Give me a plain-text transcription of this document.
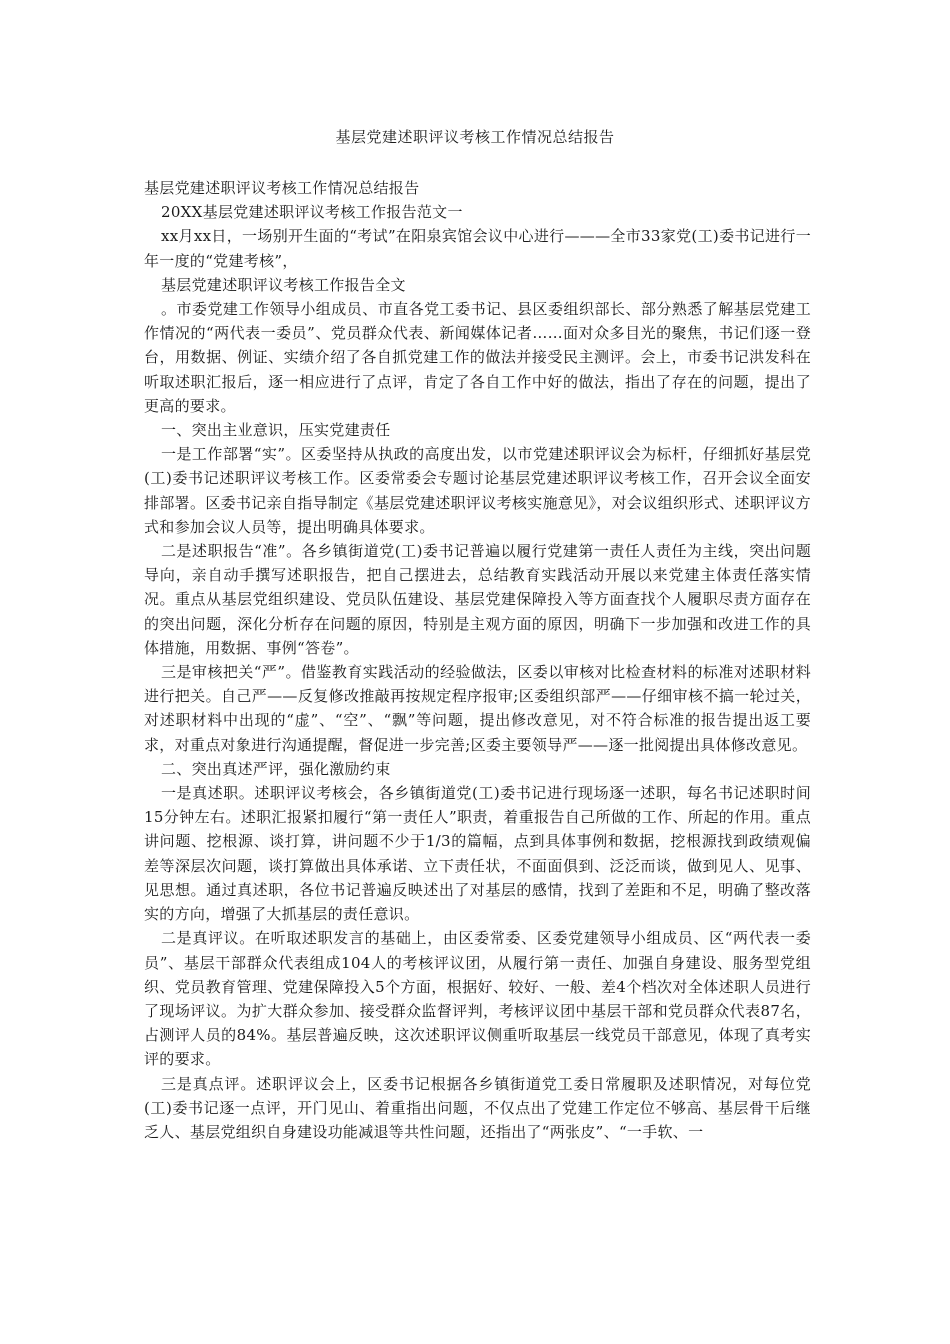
基层党建述职评议考核工作情况总结报告

基层党建述职评议考核工作情况总结报告

20XX基层党建述职评议考核工作报告范文一

xx月xx日，一场别开生面的“考试”在阳泉宾馆会议中心进行———全市33家党(工)委书记进行一年一度的“党建考核”，

基层党建述职评议考核工作报告全文

。市委党建工作领导小组成员、市直各党工委书记、县区委组织部长、部分熟悉了解基层党建工作情况的“两代表一委员”、党员群众代表、新闻媒体记者……面对众多目光的聚焦，书记们逐一登台，用数据、例证、实绩介绍了各自抓党建工作的做法并接受民主测评。会上，市委书记洪发科在听取述职汇报后，逐一相应进行了点评，肯定了各自工作中好的做法，指出了存在的问题，提出了更高的要求。

一、突出主业意识，压实党建责任

一是工作部署“实”。区委坚持从执政的高度出发，以市党建述职评议会为标杆，仔细抓好基层党(工)委书记述职评议考核工作。区委常委会专题讨论基层党建述职评议考核工作，召开会议全面安排部署。区委书记亲自指导制定《基层党建述职评议考核实施意见》，对会议组织形式、述职评议方式和参加会议人员等，提出明确具体要求。

二是述职报告“准”。各乡镇街道党(工)委书记普遍以履行党建第一责任人责任为主线，突出问题导向，亲自动手撰写述职报告，把自己摆进去，总结教育实践活动开展以来党建主体责任落实情况。重点从基层党组织建设、党员队伍建设、基层党建保障投入等方面查找个人履职尽责方面存在的突出问题，深化分析存在问题的原因，特别是主观方面的原因，明确下一步加强和改进工作的具体措施，用数据、事例“答卷”。

三是审核把关“严”。借鉴教育实践活动的经验做法，区委以审核对比检查材料的标准对述职材料进行把关。自己严——反复修改推敲再按规定程序报审;区委组织部严——仔细审核不搞一轮过关，对述职材料中出现的“虚”、“空”、“飘”等问题，提出修改意见，对不符合标准的报告提出返工要求，对重点对象进行沟通提醒，督促进一步完善;区委主要领导严——逐一批阅提出具体修改意见。

二、突出真述严评，强化激励约束

一是真述职。述职评议考核会，各乡镇街道党(工)委书记进行现场逐一述职，每名书记述职时间15分钟左右。述职汇报紧扣履行“第一责任人”职责，着重报告自己所做的工作、所起的作用。重点讲问题、挖根源、谈打算，讲问题不少于1/3的篇幅，点到具体事例和数据，挖根源找到政绩观偏差等深层次问题，谈打算做出具体承诺、立下责任状，不面面俱到、泛泛而谈，做到见人、见事、见思想。通过真述职，各位书记普遍反映述出了对基层的感情，找到了差距和不足，明确了整改落实的方向，增强了大抓基层的责任意识。

二是真评议。在听取述职发言的基础上，由区委常委、区委党建领导小组成员、区“两代表一委员”、基层干部群众代表组成104人的考核评议团，从履行第一责任、加强自身建设、服务型党组织、党员教育管理、党建保障投入5个方面，根据好、较好、一般、差4个档次对全体述职人员进行了现场评议。为扩大群众参加、接受群众监督评判，考核评议团中基层干部和党员群众代表87名，占测评人员的84%。基层普遍反映，这次述职评议侧重听取基层一线党员干部意见，体现了真考实评的要求。

三是真点评。述职评议会上，区委书记根据各乡镇街道党工委日常履职及述职情况，对每位党(工)委书记逐一点评，开门见山、着重指出问题，不仅点出了党建工作定位不够高、基层骨干后继乏人、基层党组织自身建设功能减退等共性问题，还指出了“两张皮”、“一手软、一
